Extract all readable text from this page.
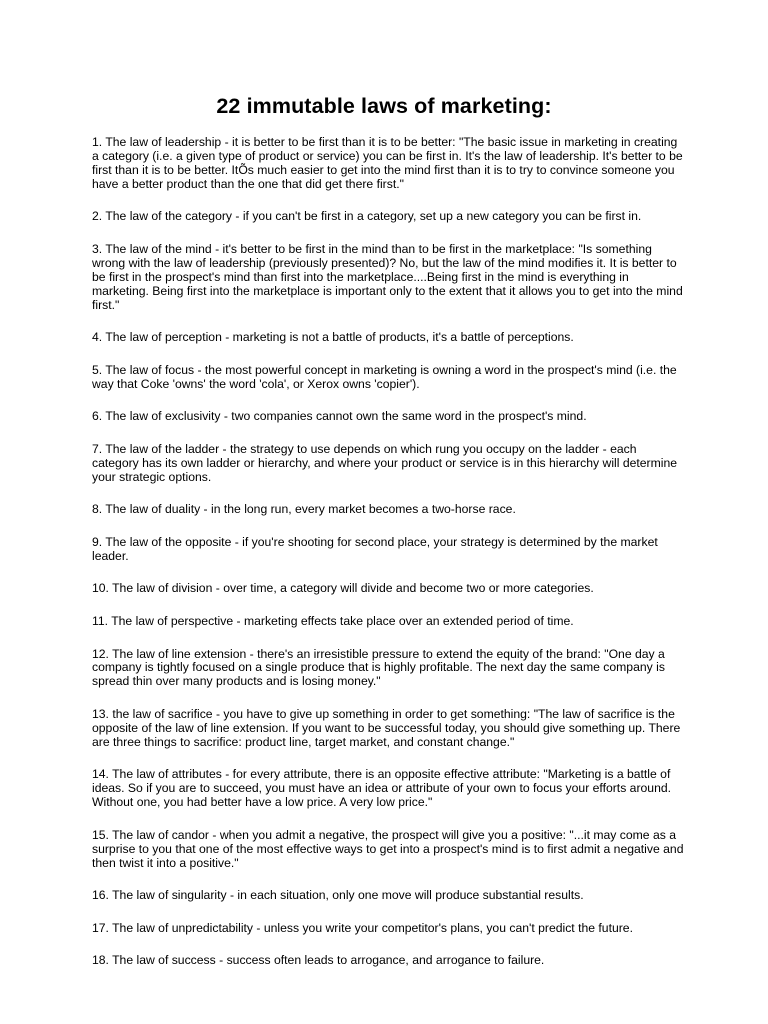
22 immutable laws of marketing:
1. The law of leadership - it is better to be first than it is to be better: "The basic issue in marketing in creating a category (i.e. a given type of product or service) you can be first in. It's the law of leadership. It's better to be first than it is to be better. ItÕs much easier to get into the mind first than it is to try to convince someone you have a better product than the one that did get there first."
2. The law of the category - if you can't be first in a category, set up a new category you can be first in.
3. The law of the mind - it's better to be first in the mind than to be first in the marketplace: "Is something wrong with the law of leadership (previously presented)? No, but the law of the mind modifies it. It is better to be first in the prospect's mind than first into the marketplace....Being first in the mind is everything in marketing. Being first into the marketplace is important only to the extent that it allows you to get into the mind first."
4. The law of perception - marketing is not a battle of products, it's a battle of perceptions.
5. The law of focus - the most powerful concept in marketing is owning a word in the prospect's mind (i.e. the way that Coke 'owns' the word 'cola', or Xerox owns 'copier').
6. The law of exclusivity - two companies cannot own the same word in the prospect's mind.
7. The law of the ladder - the strategy to use depends on which rung you occupy on the ladder - each category has its own ladder or hierarchy, and where your product or service is in this hierarchy will determine your strategic options.
8. The law of duality - in the long run, every market becomes a two-horse race.
9. The law of the opposite - if you're shooting for second place, your strategy is determined by the market leader.
10. The law of division - over time, a category will divide and become two or more categories.
11. The law of perspective - marketing effects take place over an extended period of time.
12. The law of line extension - there's an irresistible pressure to extend the equity of the brand: "One day a company is tightly focused on a single produce that is highly profitable. The next day the same company is spread thin over many products and is losing money."
13. the law of sacrifice - you have to give up something in order to get something: "The law of sacrifice is the opposite of the law of line extension. If you want to be successful today, you should give something up. There are three things to sacrifice: product line, target market, and constant change."
14. The law of attributes - for every attribute, there is an opposite effective attribute: "Marketing is a battle of ideas. So if you are to succeed, you must have an idea or attribute of your own to focus your efforts around. Without one, you had better have a low price. A very low price."
15. The law of candor - when you admit a negative, the prospect will give you a positive: "...it may come as a surprise to you that one of the most effective ways to get into a prospect's mind is to first admit a negative and then twist it into a positive."
16. The law of singularity - in each situation, only one move will produce substantial results.
17. The law of unpredictability - unless you write your competitor's plans, you can't predict the future.
18. The law of success - success often leads to arrogance, and arrogance to failure.
